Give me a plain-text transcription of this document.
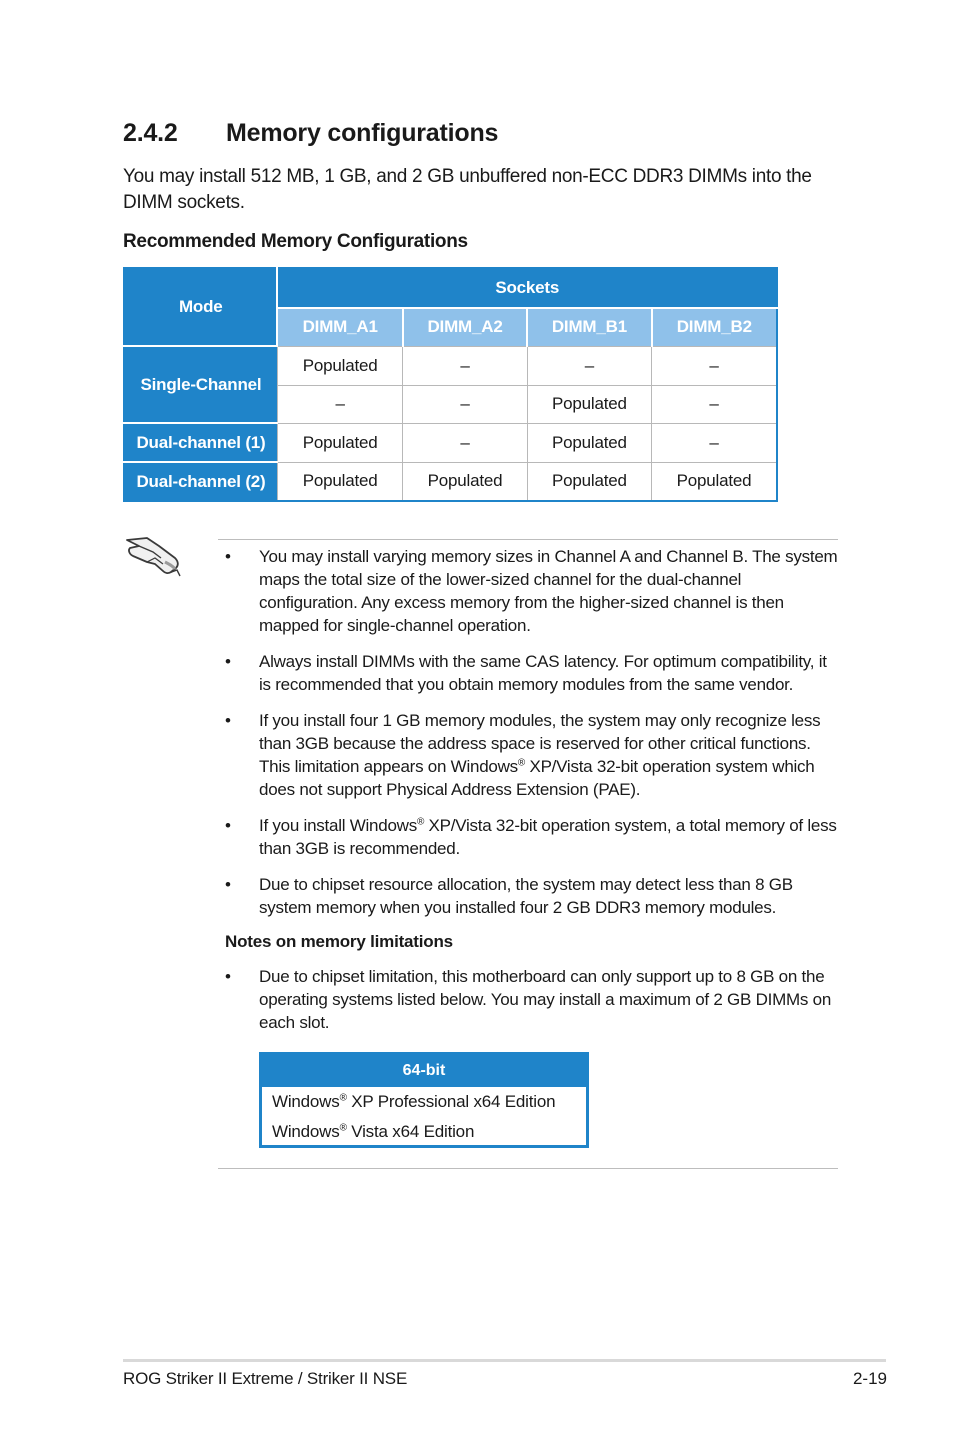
2.4.2 Memory configurations

You may install 512 MB, 1 GB, and 2 GB unbuffered non-ECC DDR3 DIMMs into the DIMM sockets.

Recommended Memory Configurations

Mode	Sockets			
	DIMM_A1	DIMM_A2	DIMM_B1	DIMM_B2
Single-Channel	Populated	–	–	–
	–	–	Populated	–
Dual-channel (1)	Populated	–	Populated	–
Dual-channel (2)	Populated	Populated	Populated	Populated
• You may install varying memory sizes in Channel A and Channel B. The system maps the total size of the lower-sized channel for the dual-channel configuration. Any excess memory from the higher-sized channel is then mapped for single-channel operation.
• Always install DIMMs with the same CAS latency. For optimum compatibility, it is recommended that you obtain memory modules from the same vendor.
• If you install four 1 GB memory modules, the system may only recognize less than 3GB because the address space is reserved for other critical functions. This limitation appears on Windows® XP/Vista 32-bit operation system which does not support Physical Address Extension (PAE).
• If you install Windows® XP/Vista 32-bit operation system, a total memory of less than 3GB is recommended.
• Due to chipset resource allocation, the system may detect less than 8 GB system memory when you installed four 2 GB DDR3 memory modules.

Notes on memory limitations

• Due to chipset limitation, this motherboard can only support up to 8 GB on the operating systems listed below. You may install a maximum of 2 GB DIMMs on each slot.
64-bit
Windows® XP Professional x64 Edition
Windows® Vista x64 Edition
ROG Striker II Extreme / Striker II NSE	2-19
